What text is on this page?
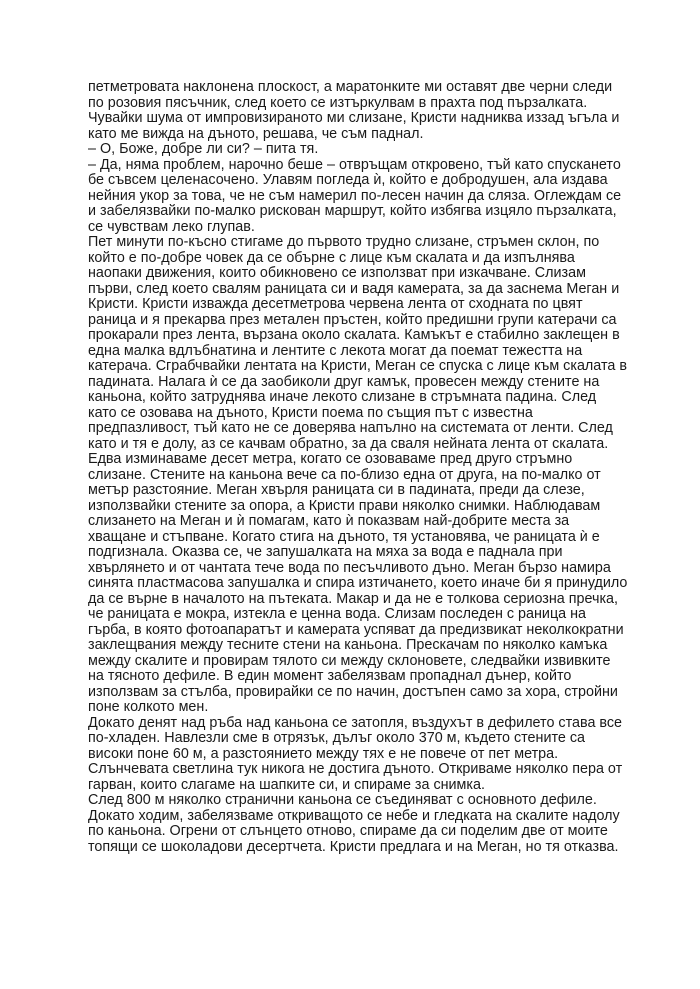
петметровата наклонена плоскост, а маратонките ми оставят две черни следи
по розовия пясъчник, след което се изтъркулвам в прахта под пързалката.
Чувайки шума от импровизираното ми слизане, Кристи надниква иззад ъгъла и
като ме вижда на дъното, решава, че съм паднал.
– О, Боже, добре ли си? – пита тя.
– Да, няма проблем, нарочно беше – отвръщам откровено, тъй като спускането
бе съвсем целенасочено. Улавям погледа ѝ, който е добродушен, ала издава
нейния укор за това, че не съм намерил по-лесен начин да сляза. Оглеждам се
и забелязвайки по-малко рискован маршрут, който избягва изцяло пързалката,
се чувствам леко глупав.
Пет минути по-късно стигаме до първото трудно слизане, стръмен склон, по
който е по-добре човек да се обърне с лице към скалата и да изпълнява
наопаки движения, които обикновено се използват при изкачване. Слизам
първи, след което свалям раницата си и вадя камерата, за да заснема Меган и
Кристи. Кристи изважда десетметрова червена лента от сходната по цвят
раница и я прекарва през метален пръстен, който предишни групи катерачи са
прокарали през лента, вързана около скалата. Камъкът е стабилно заклещен в
една малка вдлъбнатина и лентите с лекота могат да поемат тежестта на
катерача. Сграбчвайки лентата на Кристи, Меган се спуска с лице към скалата в
падината. Налага ѝ се да заобиколи друг камък, провесен между стените на
каньона, който затруднява иначе лекото слизане в стръмната падина. След
като се озовава на дъното, Кристи поема по същия път с известна
предпазливост, тъй като не се доверява напълно на системата от ленти. След
като и тя е долу, аз се качвам обратно, за да сваля нейната лента от скалата.
Едва изминаваме десет метра, когато се озоваваме пред друго стръмно
слизане. Стените на каньона вече са по-близо една от друга, на по-малко от
метър разстояние. Меган хвърля раницата си в падината, преди да слезе,
използвайки стените за опора, а Кристи прави няколко снимки. Наблюдавам
слизането на Меган и ѝ помагам, като ѝ показвам най-добрите места за
хващане и стъпване. Когато стига на дъното, тя установява, че раницата ѝ е
подгизнала. Оказва се, че запушалката на мяха за вода е паднала при
хвърлянето и от чантата тече вода по песъчливото дъно. Меган бързо намира
синята пластмасова запушалка и спира изтичането, което иначе би я принудило
да се върне в началото на пътеката. Макар и да не е толкова сериозна пречка,
че раницата е мокра, изтекла е ценна вода. Слизам последен с раница на
гърба, в която фотоапаратът и камерата успяват да предизвикат неколкократни
заклещвания между тесните стени на каньона. Прескачам по няколко камъка
между скалите и провирам тялото си между склоновете, следвайки извивките
на тясното дефиле. В един момент забелязвам пропаднал дънер, който
използвам за стълба, провирайки се по начин, достъпен само за хора, стройни
поне колкото мен.
Докато денят над ръба над каньона се затопля, въздухът в дефилето става все
по-хладен. Навлезли сме в отрязък, дълъг около 370 м, където стените са
високи поне 60 м, а разстоянието между тях е не повече от пет метра.
Слънчевата светлина тук никога не достига дъното. Откриваме няколко пера от
гарван, които слагаме на шапките си, и спираме за снимка.
След 800 м няколко странични каньона се съединяват с основното дефиле.
Докато ходим, забелязваме откриващото се небе и гледката на скалите надолу
по каньона. Огрени от слънцето отново, спираме да си поделим две от моите
топящи се шоколадови десертчета. Кристи предлага и на Меган, но тя отказва.
